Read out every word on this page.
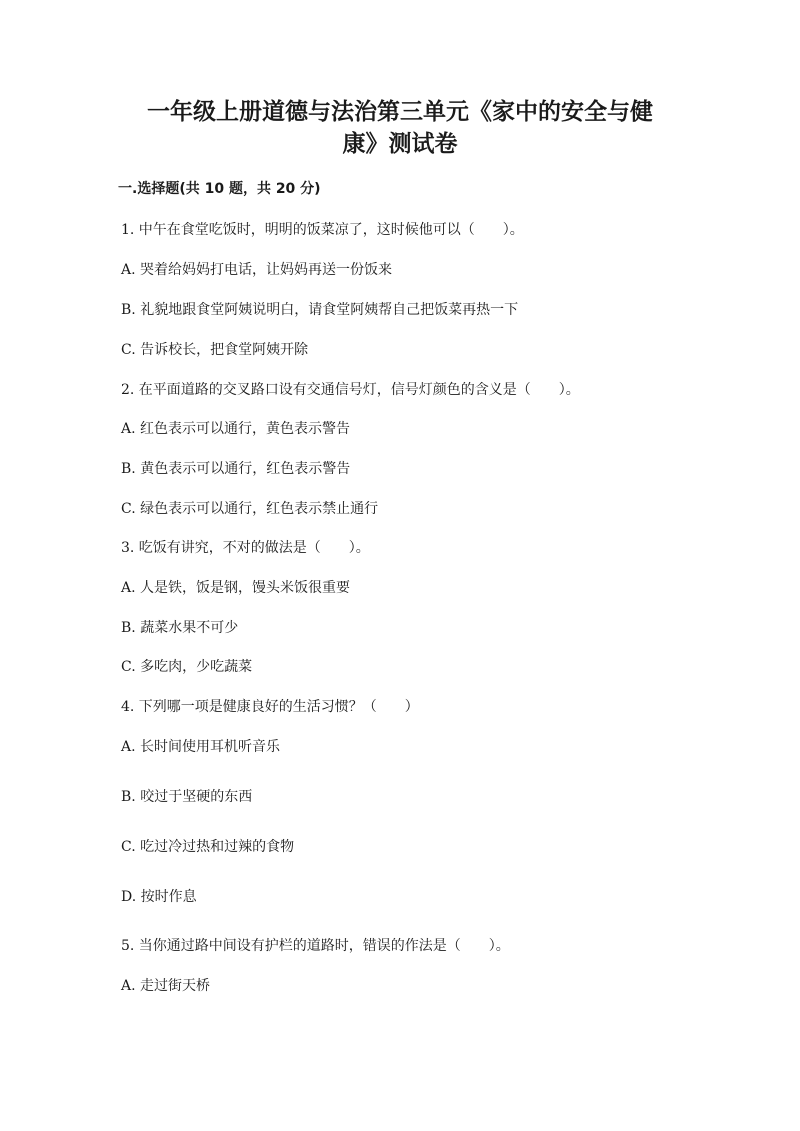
一年级上册道德与法治第三单元《家中的安全与健
康》测试卷
一.选择题(共 10 题，共 20 分)
1. 中午在食堂吃饭时，明明的饭菜凉了，这时候他可以（　　）。
A. 哭着给妈妈打电话，让妈妈再送一份饭来
B. 礼貌地跟食堂阿姨说明白，请食堂阿姨帮自己把饭菜再热一下
C. 告诉校长，把食堂阿姨开除
2. 在平面道路的交叉路口设有交通信号灯，信号灯颜色的含义是（　　）。
A. 红色表示可以通行，黄色表示警告
B. 黄色表示可以通行，红色表示警告
C. 绿色表示可以通行，红色表示禁止通行
3. 吃饭有讲究，不对的做法是（　　）。
A. 人是铁，饭是钢，馒头米饭很重要
B. 蔬菜水果不可少
C. 多吃肉，少吃蔬菜
4. 下列哪一项是健康良好的生活习惯？（　　）
A. 长时间使用耳机听音乐
B. 咬过于坚硬的东西
C. 吃过冷过热和过辣的食物
D. 按时作息
5. 当你通过路中间设有护栏的道路时，错误的作法是（　　）。
A. 走过街天桥
